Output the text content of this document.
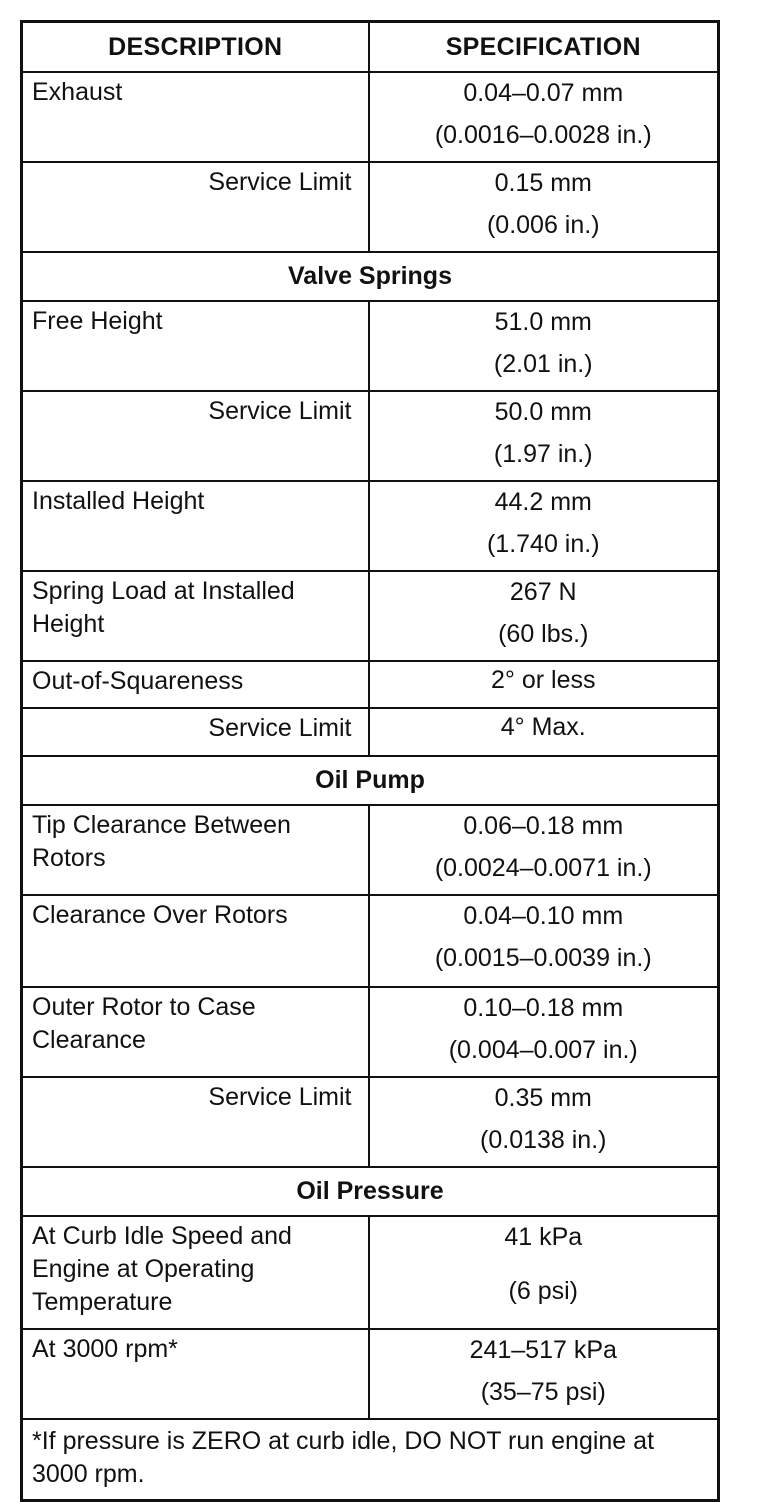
DESCRIPTION	SPECIFICATION

Exhaust	0.04–0.07 mm
(0.0016–0.0028 in.)

Service Limit	0.15 mm
(0.006 in.)

Valve Springs	

Free Height	51.0 mm
(2.01 in.)

Service Limit	50.0 mm
(1.97 in.)

Installed Height	44.2 mm
(1.740 in.)

Spring Load at Installed
Height	267 N
(60 lbs.)

Out-of-Squareness	2° or less

Service Limit	4° Max.

Oil Pump	

Tip Clearance Between
Rotors	0.06–0.18 mm
(0.0024–0.0071 in.)

Clearance Over Rotors	0.04–0.10 mm
(0.0015–0.0039 in.)

Outer Rotor to Case
Clearance	0.10–0.18 mm
(0.004–0.007 in.)

Service Limit	0.35 mm
(0.0138 in.)

Oil Pressure	

At Curb Idle Speed and
Engine at Operating
Temperature	41 kPa
(6 psi)

At 3000 rpm*	241–517 kPa
(35–75 psi)

*If pressure is ZERO at curb idle, DO NOT run engine at 3000 rpm.	
